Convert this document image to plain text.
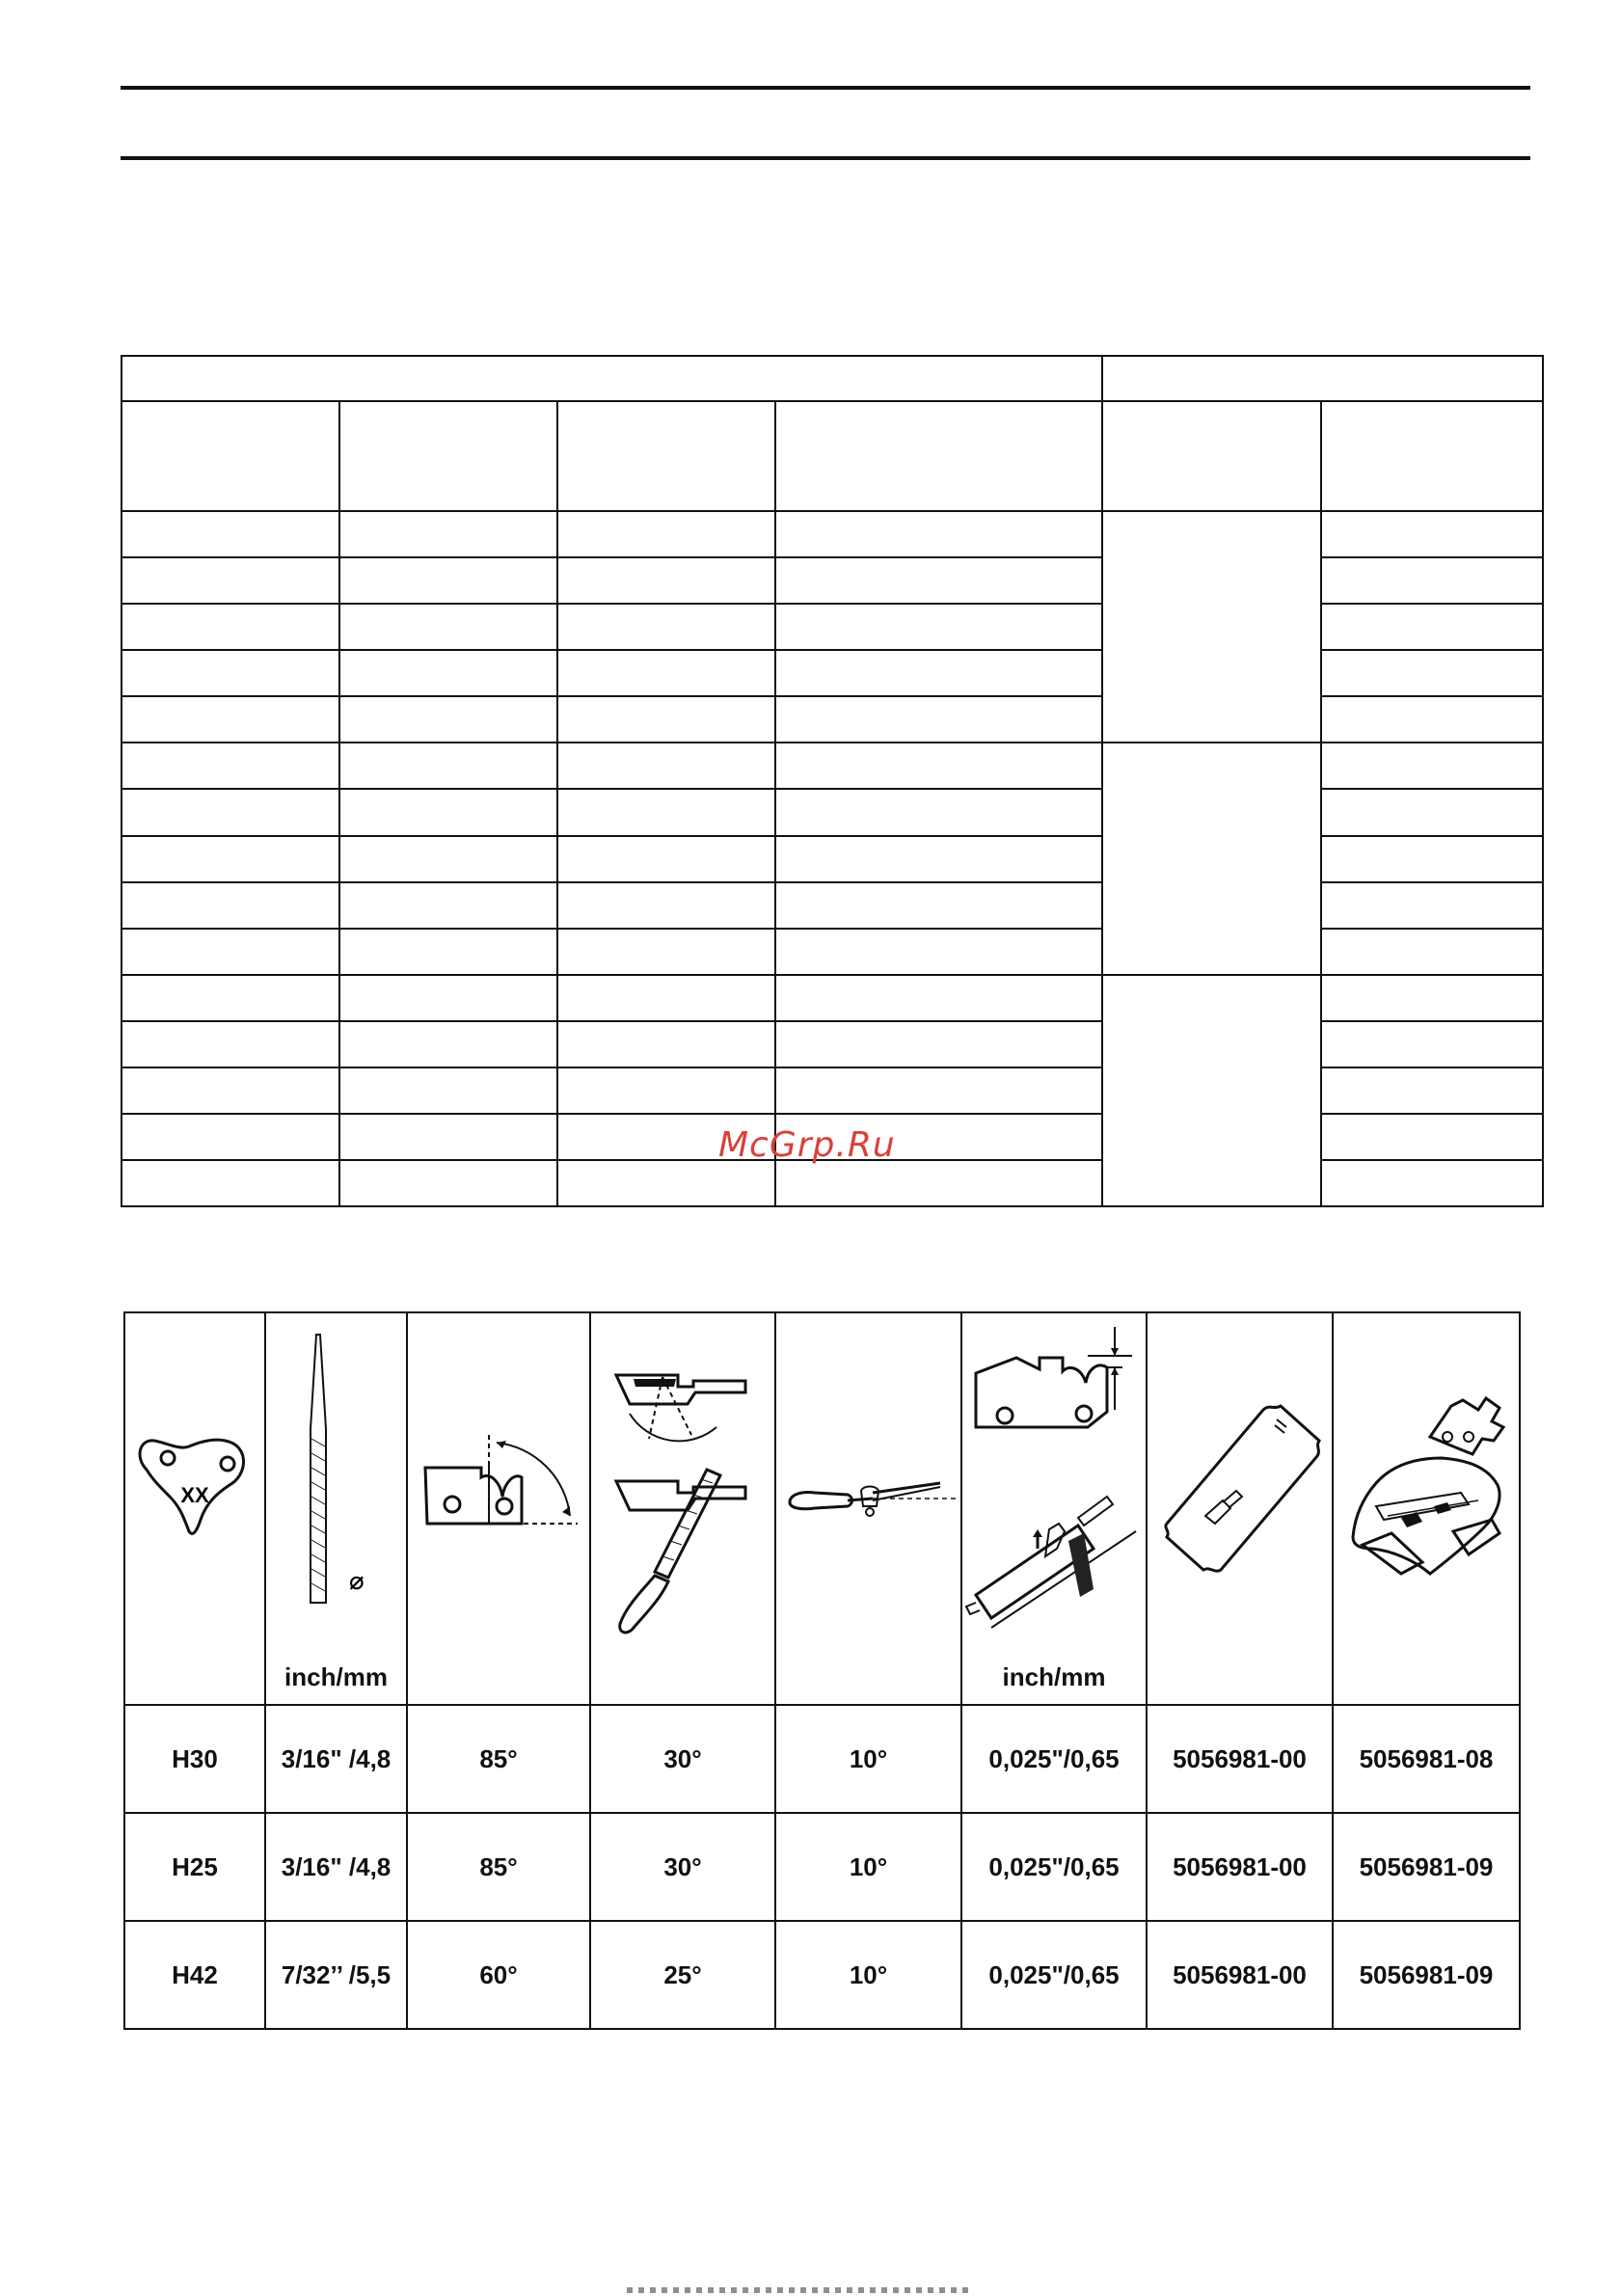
McGrp.Ru
XX	⌀
inch/mm				inch/mm

H30	3/16" /4,8	85°	30°	10°	0,025"/0,65	5056981-00	5056981-08
H25	3/16" /4,8	85°	30°	10°	0,025"/0,65	5056981-00	5056981-09
H42	7/32’’ /5,5	60°	25°	10°	0,025"/0,65	5056981-00	5056981-09
